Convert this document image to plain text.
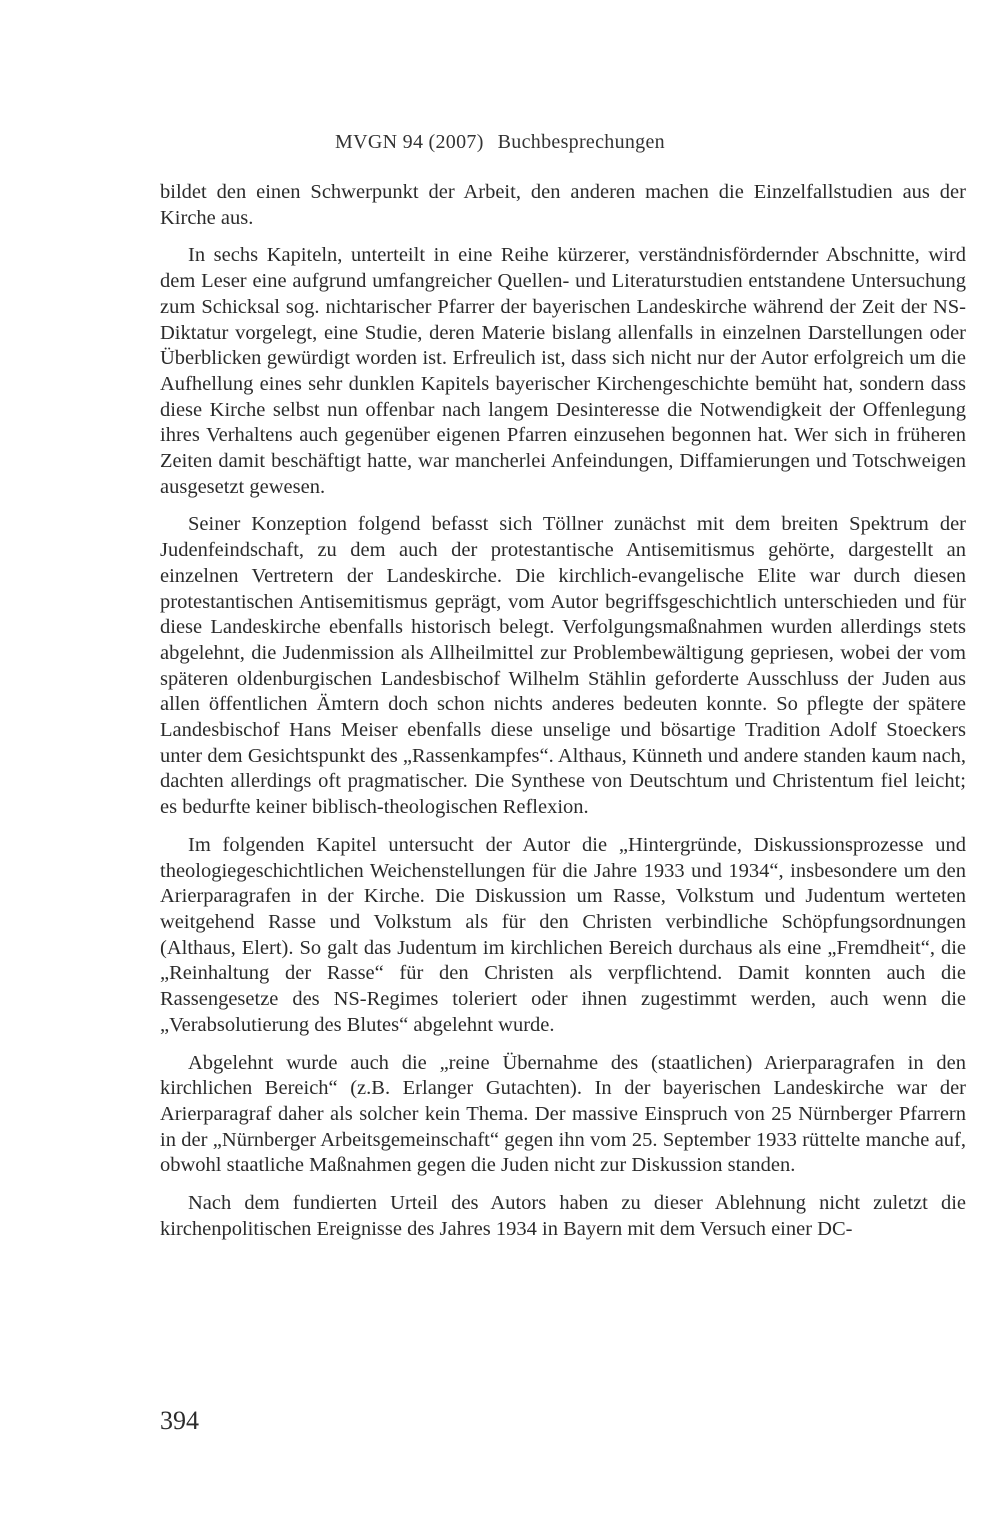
MVGN 94 (2007) Buchbesprechungen

bildet den einen Schwerpunkt der Arbeit, den anderen machen die Einzelfallstudien aus der Kirche aus.

In sechs Kapiteln, unterteilt in eine Reihe kürzerer, verständnisfördernder Abschnitte, wird dem Leser eine aufgrund umfangreicher Quellen- und Literaturstudien entstandene Untersuchung zum Schicksal sog. nichtarischer Pfarrer der bayerischen Landeskirche während der Zeit der NS-Diktatur vorgelegt, eine Studie, deren Materie bislang allenfalls in einzelnen Darstellungen oder Überblicken gewürdigt worden ist. Erfreulich ist, dass sich nicht nur der Autor erfolgreich um die Aufhellung eines sehr dunklen Kapitels bayerischer Kirchengeschichte bemüht hat, sondern dass diese Kirche selbst nun offenbar nach langem Desinteresse die Notwendigkeit der Offenlegung ihres Verhaltens auch gegenüber eigenen Pfarren einzusehen begonnen hat. Wer sich in früheren Zeiten damit beschäftigt hatte, war mancherlei Anfeindungen, Diffamierungen und Totschweigen ausgesetzt gewesen.

Seiner Konzeption folgend befasst sich Töllner zunächst mit dem breiten Spektrum der Judenfeindschaft, zu dem auch der protestantische Antisemitismus gehörte, dargestellt an einzelnen Vertretern der Landeskirche. Die kirchlich-evangelische Elite war durch diesen protestantischen Antisemitismus geprägt, vom Autor begriffsgeschichtlich unterschieden und für diese Landeskirche ebenfalls historisch belegt. Verfolgungsmaßnahmen wurden allerdings stets abgelehnt, die Judenmission als Allheilmittel zur Problembewältigung gepriesen, wobei der vom späteren oldenburgischen Landesbischof Wilhelm Stählin geforderte Ausschluss der Juden aus allen öffentlichen Ämtern doch schon nichts anderes bedeuten konnte. So pflegte der spätere Landesbischof Hans Meiser ebenfalls diese unselige und bösartige Tradition Adolf Stoeckers unter dem Gesichtspunkt des „Rassenkampfes“. Althaus, Künneth und andere standen kaum nach, dachten allerdings oft pragmatischer. Die Synthese von Deutschtum und Christentum fiel leicht; es bedurfte keiner biblisch-theologischen Reflexion.

Im folgenden Kapitel untersucht der Autor die „Hintergründe, Diskussionsprozesse und theologiegeschichtlichen Weichenstellungen für die Jahre 1933 und 1934“, insbesondere um den Arierparagrafen in der Kirche. Die Diskussion um Rasse, Volkstum und Judentum werteten weitgehend Rasse und Volkstum als für den Christen verbindliche Schöpfungsordnungen (Althaus, Elert). So galt das Judentum im kirchlichen Bereich durchaus als eine „Fremdheit“, die „Reinhaltung der Rasse“ für den Christen als verpflichtend. Damit konnten auch die Rassengesetze des NS-Regimes toleriert oder ihnen zugestimmt werden, auch wenn die „Verabsolutierung des Blutes“ abgelehnt wurde.

Abgelehnt wurde auch die „reine Übernahme des (staatlichen) Arierparagrafen in den kirchlichen Bereich“ (z.B. Erlanger Gutachten). In der bayerischen Landeskirche war der Arierparagraf daher als solcher kein Thema. Der massive Einspruch von 25 Nürnberger Pfarrern in der „Nürnberger Arbeitsgemeinschaft“ gegen ihn vom 25. September 1933 rüttelte manche auf, obwohl staatliche Maßnahmen gegen die Juden nicht zur Diskussion standen.

Nach dem fundierten Urteil des Autors haben zu dieser Ablehnung nicht zuletzt die kirchenpolitischen Ereignisse des Jahres 1934 in Bayern mit dem Versuch einer DC-

394
